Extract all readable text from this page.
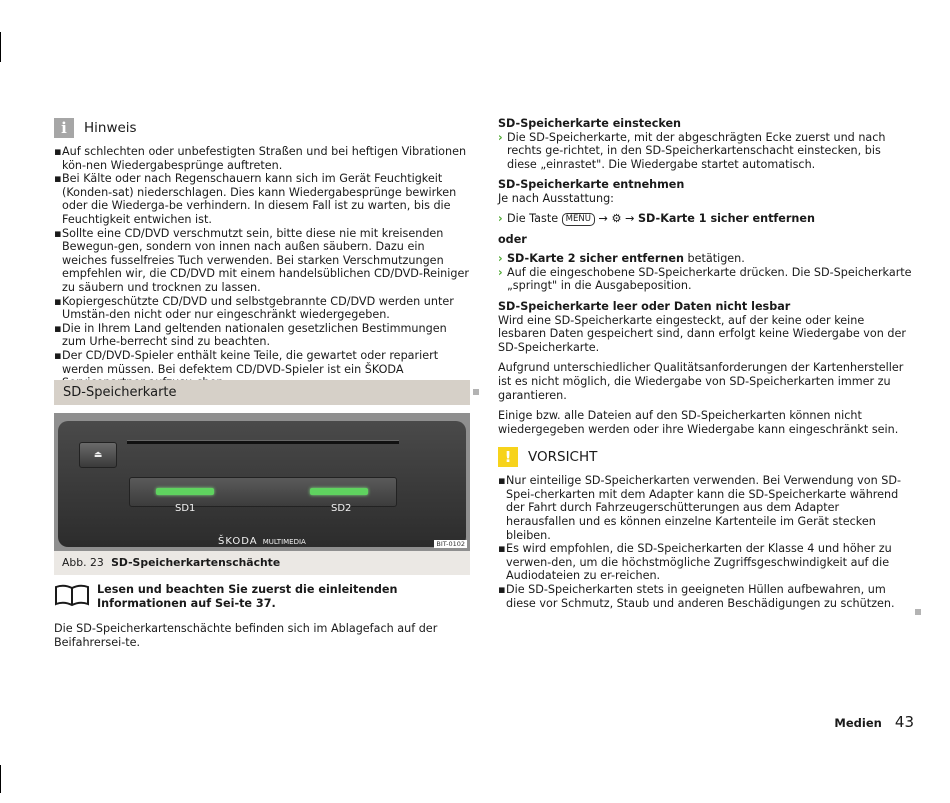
i	Hinweis
▪ Auf schlechten oder unbefestigten Straßen und bei heftigen Vibrationen kön-nen Wiedergabesprünge auftreten.
▪ Bei Kälte oder nach Regenschauern kann sich im Gerät Feuchtigkeit (Konden-sat) niederschlagen. Dies kann Wiedergabesprünge bewirken oder die Wiederga-be verhindern. In diesem Fall ist zu warten, bis die Feuchtigkeit entwichen ist.
▪ Sollte eine CD/DVD verschmutzt sein, bitte diese nie mit kreisenden Bewegun-gen, sondern von innen nach außen säubern. Dazu ein weiches fusselfreies Tuch verwenden. Bei starken Verschmutzungen empfehlen wir, die CD/DVD mit einem handelsüblichen CD/DVD-Reiniger zu säubern und trocknen zu lassen.
▪ Kopiergeschützte CD/DVD und selbstgebrannte CD/DVD werden unter Umstän-den nicht oder nur eingeschränkt wiedergegeben.
▪ Die in Ihrem Land geltenden nationalen gesetzlichen Bestimmungen zum Urhe-berrecht sind zu beachten.
▪ Der CD/DVD-Spieler enthält keine Teile, die gewartet oder repariert werden müssen. Bei defektem CD/DVD-Spieler ist ein ŠKODA
SD-Speicherkarte
⏏
SD1	SD2
ŠKODA MULTIMEDIA	BIT-0102
Abb. 23 SD-Speicherkartenschächte
Lesen und beachten Sie zuerst die einleitenden Informationen auf Sei-te 37.
Die SD-Speicherkartenschächte befinden sich im Ablagefach auf der Beifahrersei-te.
SD-Speicherkarte einstecken
› Die SD-Speicherkarte, mit der abgeschrägten Ecke zuerst und nach rechts ge-richtet, in den SD-Speicherkartenschacht einstecken, bis diese „einrastet". Die Wiedergabe startet automatisch.
SD-Speicherkarte entnehmen
Je nach Ausstattung:
› Die Taste MENU → ⚙ → SD-Karte 1 sicher entfernen
oder
› SD-Karte 2 sicher entfernen betätigen.
› Auf die eingeschobene SD-Speicherkarte drücken. Die SD-Speicherkarte „springt" in die Ausgabeposition.
SD-Speicherkarte leer oder Daten nicht lesbar
Wird eine SD-Speicherkarte eingesteckt, auf der keine oder keine lesbaren Daten gespeichert sind, dann erfolgt keine Wiedergabe von der SD-Speicherkarte.
Aufgrund unterschiedlicher Qualitätsanforderungen der Kartenhersteller ist es nicht möglich, die Wiedergabe von SD-Speicherkarten immer zu garantieren.
Einige bzw. alle Dateien auf den SD-Speicherkarten können nicht wiedergegeben werden oder ihre Wiedergabe kann eingeschränkt sein.
!	VORSICHT
▪ Nur einteilige SD-Speicherkarten verwenden. Bei Verwendung von SD-Spei-cherkarten mit dem Adapter kann die SD-Speicherkarte während der Fahrt durch Fahrzeugerschütterungen aus dem Adapter herausfallen und es können einzelne Kartenteile im Gerät stecken bleiben.
▪ Es wird empfohlen, die SD-Speicherkarten der Klasse 4 und höher zu verwen-den, um die höchstmögliche Zugriffsgeschwindigkeit auf die Audiodateien zu er-reichen.
▪ Die SD-Speicherkarten stets in geeigneten Hüllen aufbewahren, um diese vor Schmutz, Staub und anderen Beschädigungen zu schützen.
Medien 43
